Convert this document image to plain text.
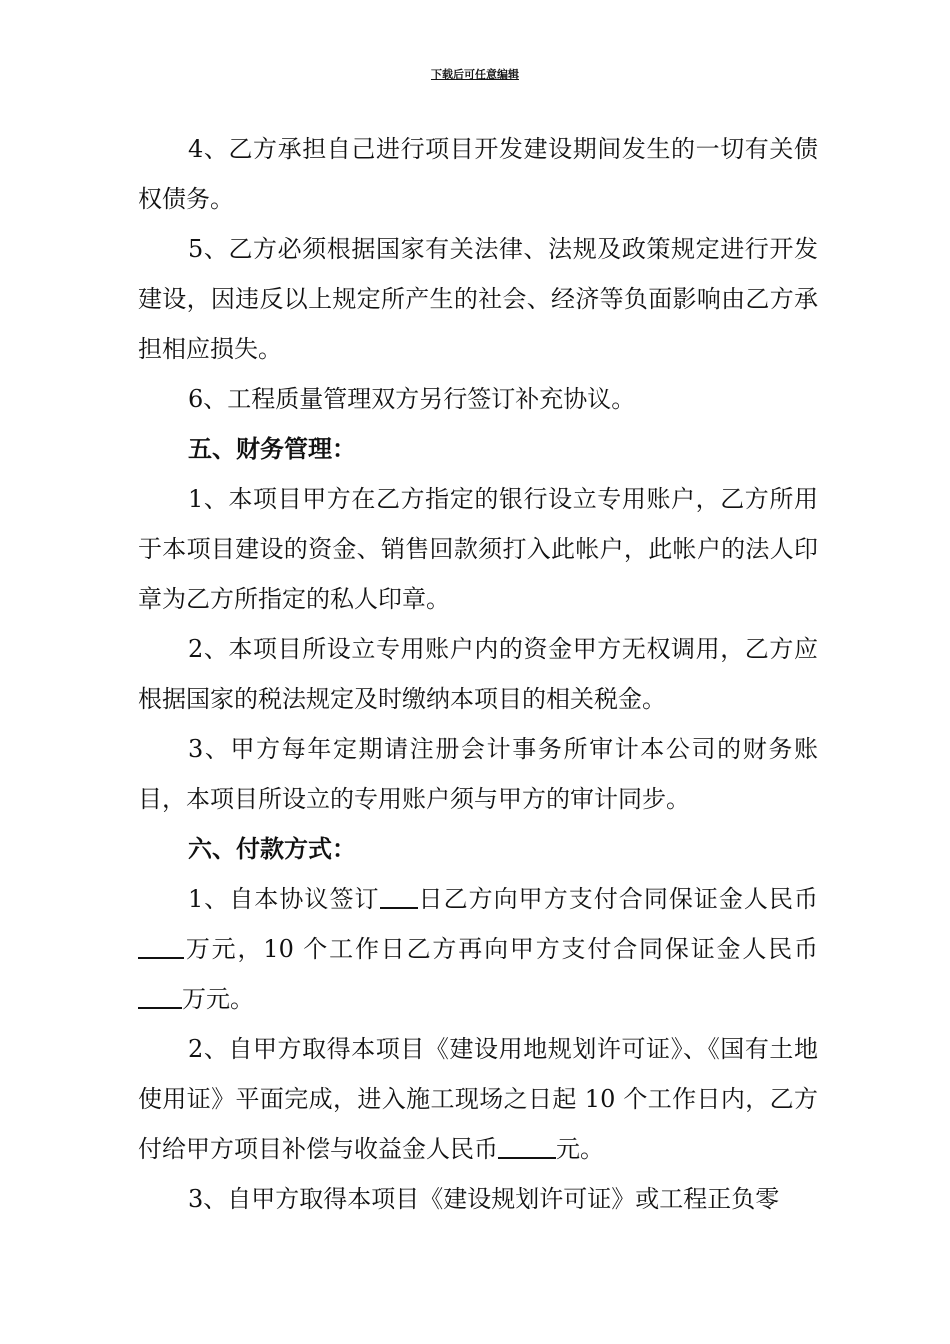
下载后可任意编辑

4、乙方承担自己进行项目开发建设期间发生的一切有关债权债务。

5、乙方必须根据国家有关法律、法规及政策规定进行开发建设，因违反以上规定所产生的社会、经济等负面影响由乙方承担相应损失。

6、工程质量管理双方另行签订补充协议。

五、财务管理：

1、本项目甲方在乙方指定的银行设立专用账户，乙方所用于本项目建设的资金、销售回款须打入此帐户，此帐户的法人印章为乙方所指定的私人印章。

2、本项目所设立专用账户内的资金甲方无权调用，乙方应根据国家的税法规定及时缴纳本项目的相关税金。

3、甲方每年定期请注册会计事务所审计本公司的财务账目，本项目所设立的专用账户须与甲方的审计同步。

六、付款方式：

1、自本协议签订 日乙方向甲方支付合同保证金人民币万元，10 个工作日乙方再向甲方支付合同保证金人民币万元。

2、自甲方取得本项目《建设用地规划许可证》、《国有土地使用证》平面完成，进入施工现场之日起 10 个工作日内，乙方付给甲方项目补偿与收益金人民币 元。

3、自甲方取得本项目《建设规划许可证》或工程正负零
